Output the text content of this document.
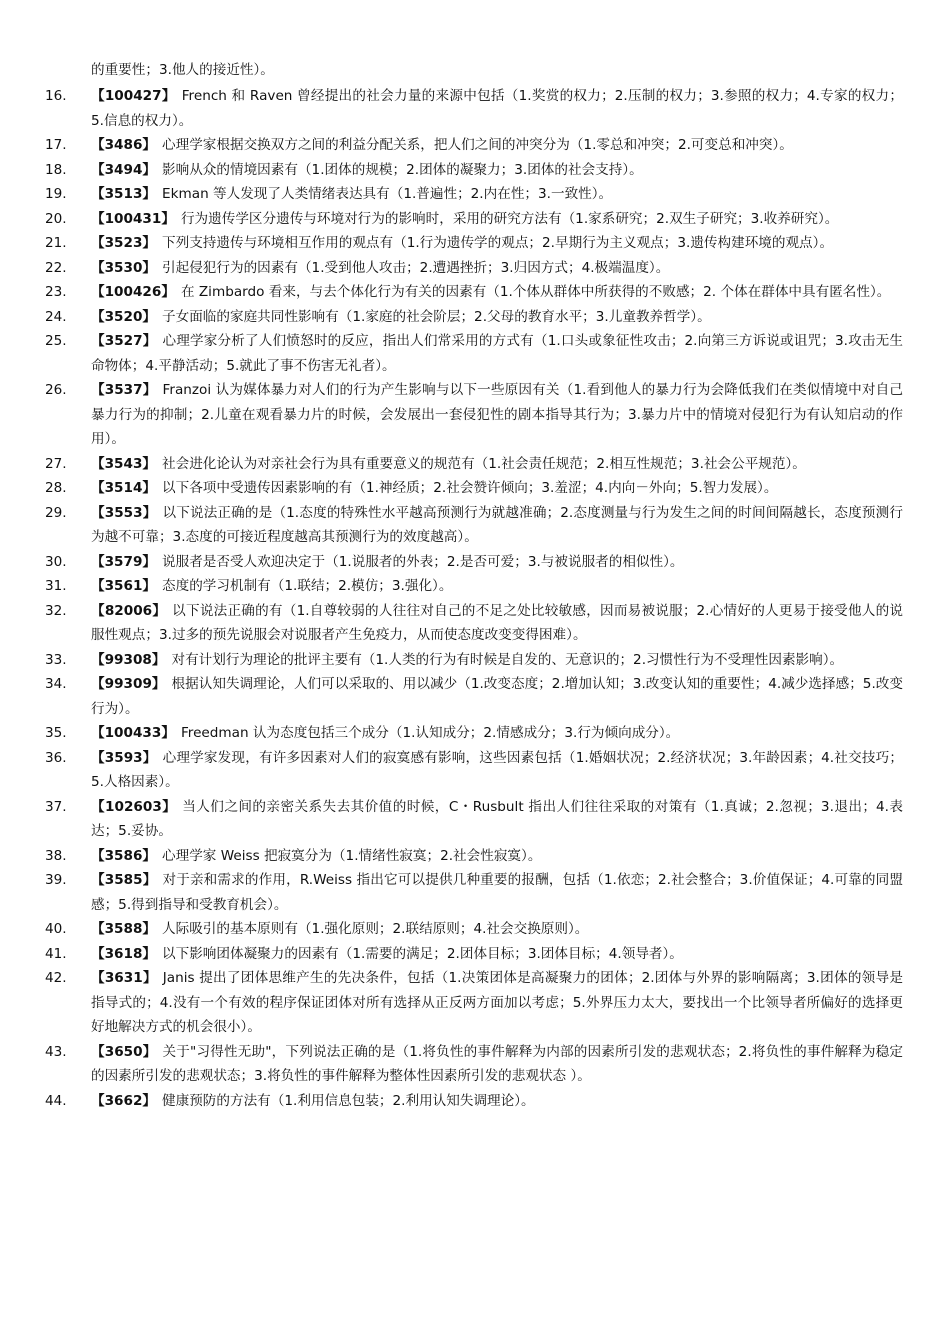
的重要性；3.他人的接近性）。
16.	【100427】 French 和 Raven 曾经提出的社会力量的来源中包括（1.奖赏的权力；2.压制的权力；3.参照的权力；4.专家的权力；5.信息的权力）。
17.	【3486】 心理学家根据交换双方之间的利益分配关系，把人们之间的冲突分为（1.零总和冲突；2.可变总和冲突）。
18.	【3494】 影响从众的情境因素有（1.团体的规模；2.团体的凝聚力；3.团体的社会支持）。
19.	【3513】 Ekman 等人发现了人类情绪表达具有（1.普遍性；2.内在性；3.一致性）。
20.	【100431】 行为遗传学区分遗传与环境对行为的影响时，采用的研究方法有（1.家系研究；2.双生子研究；3.收养研究）。
21.	【3523】 下列支持遗传与环境相互作用的观点有（1.行为遗传学的观点；2.早期行为主义观点；3.遗传构建环境的观点）。
22.	【3530】 引起侵犯行为的因素有（1.受到他人攻击；2.遭遇挫折；3.归因方式；4.极端温度）。
23.	【100426】 在 Zimbardo 看来，与去个体化行为有关的因素有（1.个体从群体中所获得的不败感；2. 个体在群体中具有匿名性）。
24.	【3520】 子女面临的家庭共同性影响有（1.家庭的社会阶层；2.父母的教育水平；3.儿童教养哲学）。
25.	【3527】 心理学家分析了人们愤怒时的反应，指出人们常采用的方式有（1.口头或象征性攻击；2.向第三方诉说或诅咒；3.攻击无生命物体；4.平静活动；5.就此了事不伤害无礼者）。
26.	【3537】 Franzoi 认为媒体暴力对人们的行为产生影响与以下一些原因有关（1.看到他人的暴力行为会降低我们在类似情境中对自己暴力行为的抑制；2.儿童在观看暴力片的时候，会发展出一套侵犯性的剧本指导其行为；3.暴力片中的情境对侵犯行为有认知启动的作用）。
27.	【3543】 社会进化论认为对亲社会行为具有重要意义的规范有（1.社会责任规范；2.相互性规范；3.社会公平规范）。
28.	【3514】 以下各项中受遗传因素影响的有（1.神经质；2.社会赞许倾向；3.羞涩；4.内向－外向；5.智力发展）。
29.	【3553】 以下说法正确的是（1.态度的特殊性水平越高预测行为就越准确；2.态度测量与行为发生之间的时间间隔越长，态度预测行为越不可靠；3.态度的可接近程度越高其预测行为的效度越高）。
30.	【3579】 说服者是否受人欢迎决定于（1.说服者的外表；2.是否可爱；3.与被说服者的相似性）。
31.	【3561】 态度的学习机制有（1.联结；2.模仿；3.强化）。
32.	【82006】 以下说法正确的有（1.自尊较弱的人往往对自己的不足之处比较敏感，因而易被说服；2.心情好的人更易于接受他人的说服性观点；3.过多的预先说服会对说服者产生免疫力，从而使态度改变变得困难）。
33.	【99308】 对有计划行为理论的批评主要有（1.人类的行为有时候是自发的、无意识的；2.习惯性行为不受理性因素影响）。
34.	【99309】 根据认知失调理论，人们可以采取的、用以减少（1.改变态度；2.增加认知；3.改变认知的重要性；4.减少选择感；5.改变行为）。
35.	【100433】 Freedman 认为态度包括三个成分（1.认知成分；2.情感成分；3.行为倾向成分）。
36.	【3593】 心理学家发现，有许多因素对人们的寂寞感有影响，这些因素包括（1.婚姻状况；2.经济状况；3.年龄因素；4.社交技巧；5.人格因素）。
37.	【102603】 当人们之间的亲密关系失去其价值的时候，C・Rusbult 指出人们往往采取的对策有（1.真诚；2.忽视；3.退出；4.表达；5.妥协。
38.	【3586】 心理学家 Weiss 把寂寞分为（1.情绪性寂寞；2.社会性寂寞）。
39.	【3585】 对于亲和需求的作用，R.Weiss 指出它可以提供几种重要的报酬，包括（1.依恋；2.社会整合；3.价值保证；4.可靠的同盟感；5.得到指导和受教育机会）。
40.	【3588】 人际吸引的基本原则有（1.强化原则；2.联结原则；4.社会交换原则）。
41.	【3618】 以下影响团体凝聚力的因素有（1.需要的满足；2.团体目标；3.团体目标；4.领导者）。
42.	【3631】 Janis 提出了团体思维产生的先决条件，包括（1.决策团体是高凝聚力的团体；2.团体与外界的影响隔离；3.团体的领导是指导式的；4.没有一个有效的程序保证团体对所有选择从正反两方面加以考虑；5.外界压力太大，要找出一个比领导者所偏好的选择更好地解决方式的机会很小）。
43.	【3650】 关于"习得性无助"，下列说法正确的是（1.将负性的事件解释为内部的因素所引发的悲观状态；2.将负性的事件解释为稳定的因素所引发的悲观状态；3.将负性的事件解释为整体性因素所引发的悲观状态 ）。
44.	【3662】 健康预防的方法有（1.利用信息包装；2.利用认知失调理论）。
